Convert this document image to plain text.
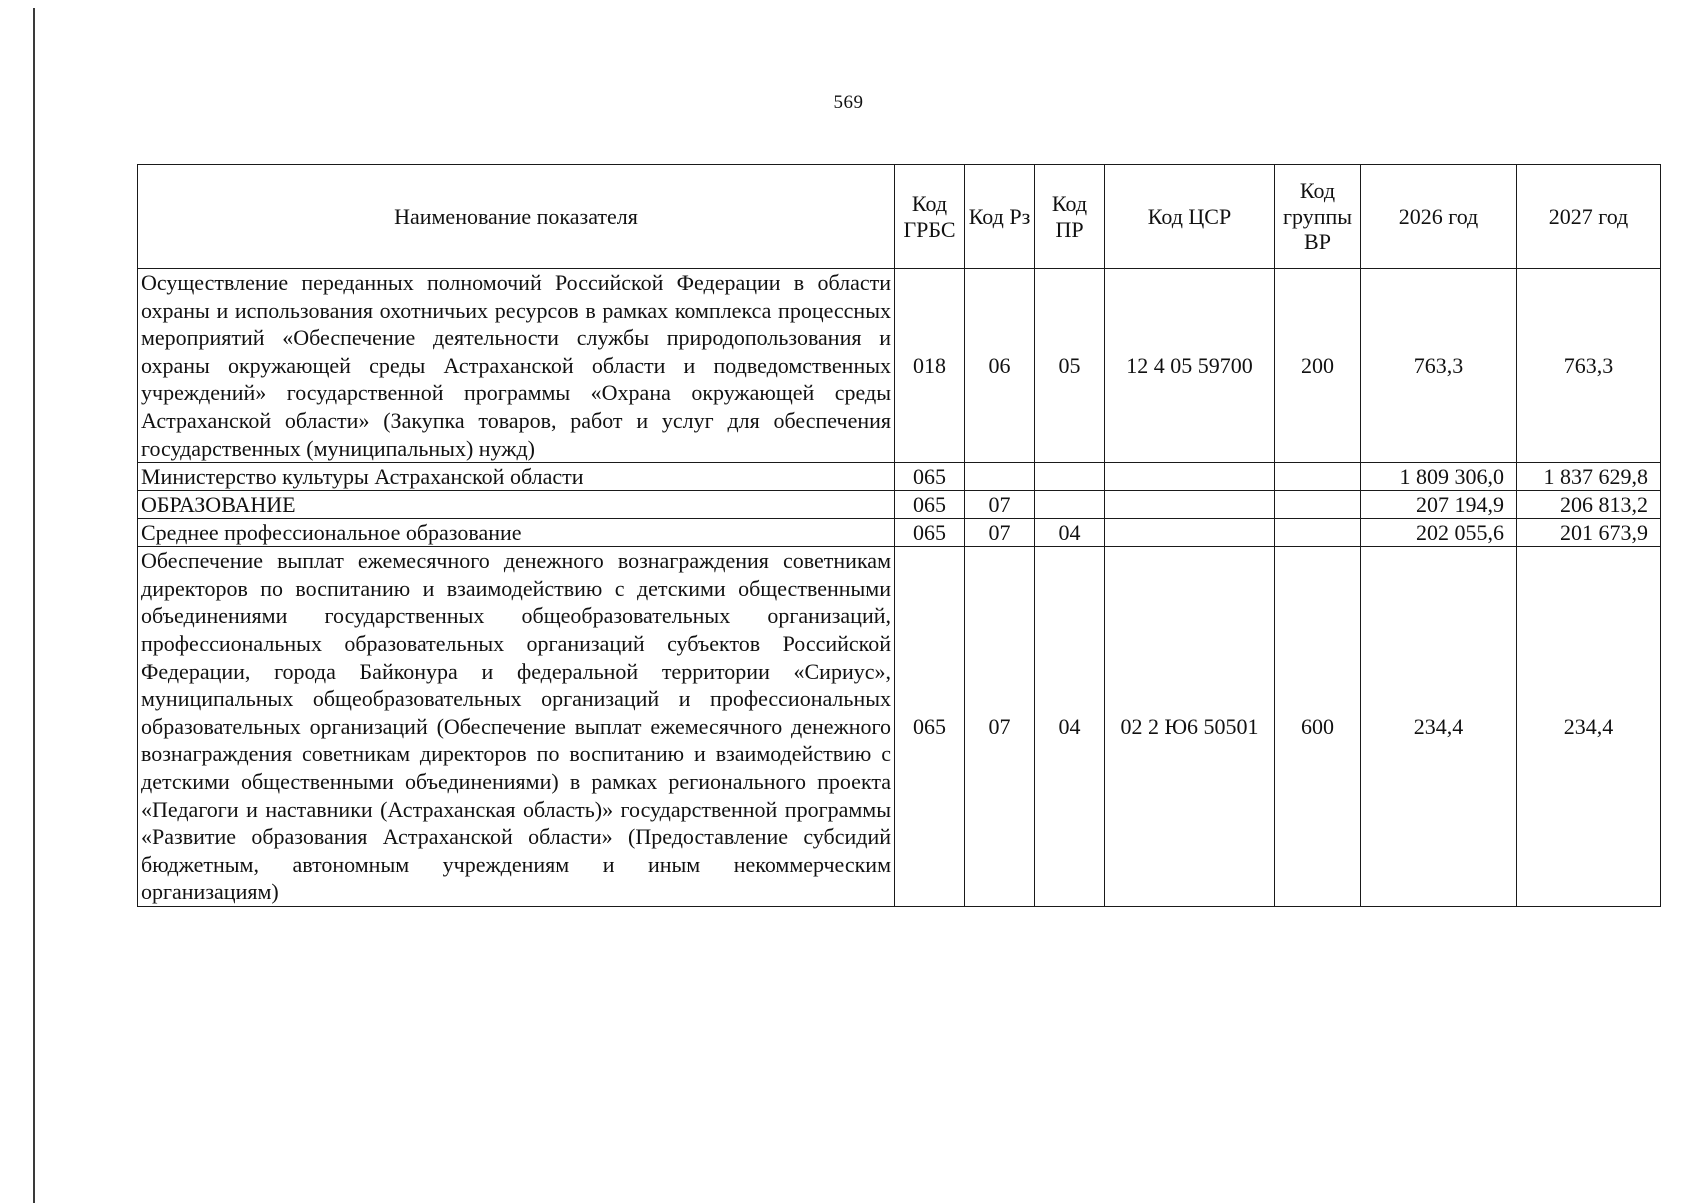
569
Наименование показателя	Код ГРБС	Код Рз	Код ПР	Код ЦСР	Код группы ВР	2026 год	2027 год
Осуществление переданных полномочий Российской Федерации в области охраны и использования охотничьих ресурсов в рамках комплекса процессных мероприятий «Обеспечение деятельности службы природопользования и охраны окружающей среды Астраханской области и подведомственных учреждений» государственной программы «Охрана окружающей среды Астраханской области» (Закупка товаров, работ и услуг для обеспечения государственных (муниципальных) нужд)	018	06	05	12 4 05 59700	200	763,3	763,3
Министерство культуры Астраханской области	065					1 809 306,0	1 837 629,8
ОБРАЗОВАНИЕ	065	07				207 194,9	206 813,2
Среднее профессиональное образование	065	07	04			202 055,6	201 673,9
Обеспечение выплат ежемесячного денежного вознаграждения советникам директоров по воспитанию и взаимодействию с детскими общественными объединениями государственных общеобразовательных организаций, профессиональных образовательных организаций субъектов Российской Федерации, города Байконура и федеральной территории «Сириус», муниципальных общеобразовательных организаций и профессиональных образовательных организаций (Обеспечение выплат ежемесячного денежного вознаграждения советникам директоров по воспитанию и взаимодействию с детскими общественными объединениями) в рамках регионального проекта «Педагоги и наставники (Астраханская область)» государственной программы «Развитие образования Астраханской области» (Предоставление субсидий бюджетным, автономным учреждениям и иным некоммерческим организациям)	065	07	04	02 2 Ю6 50501	600	234,4	234,4
